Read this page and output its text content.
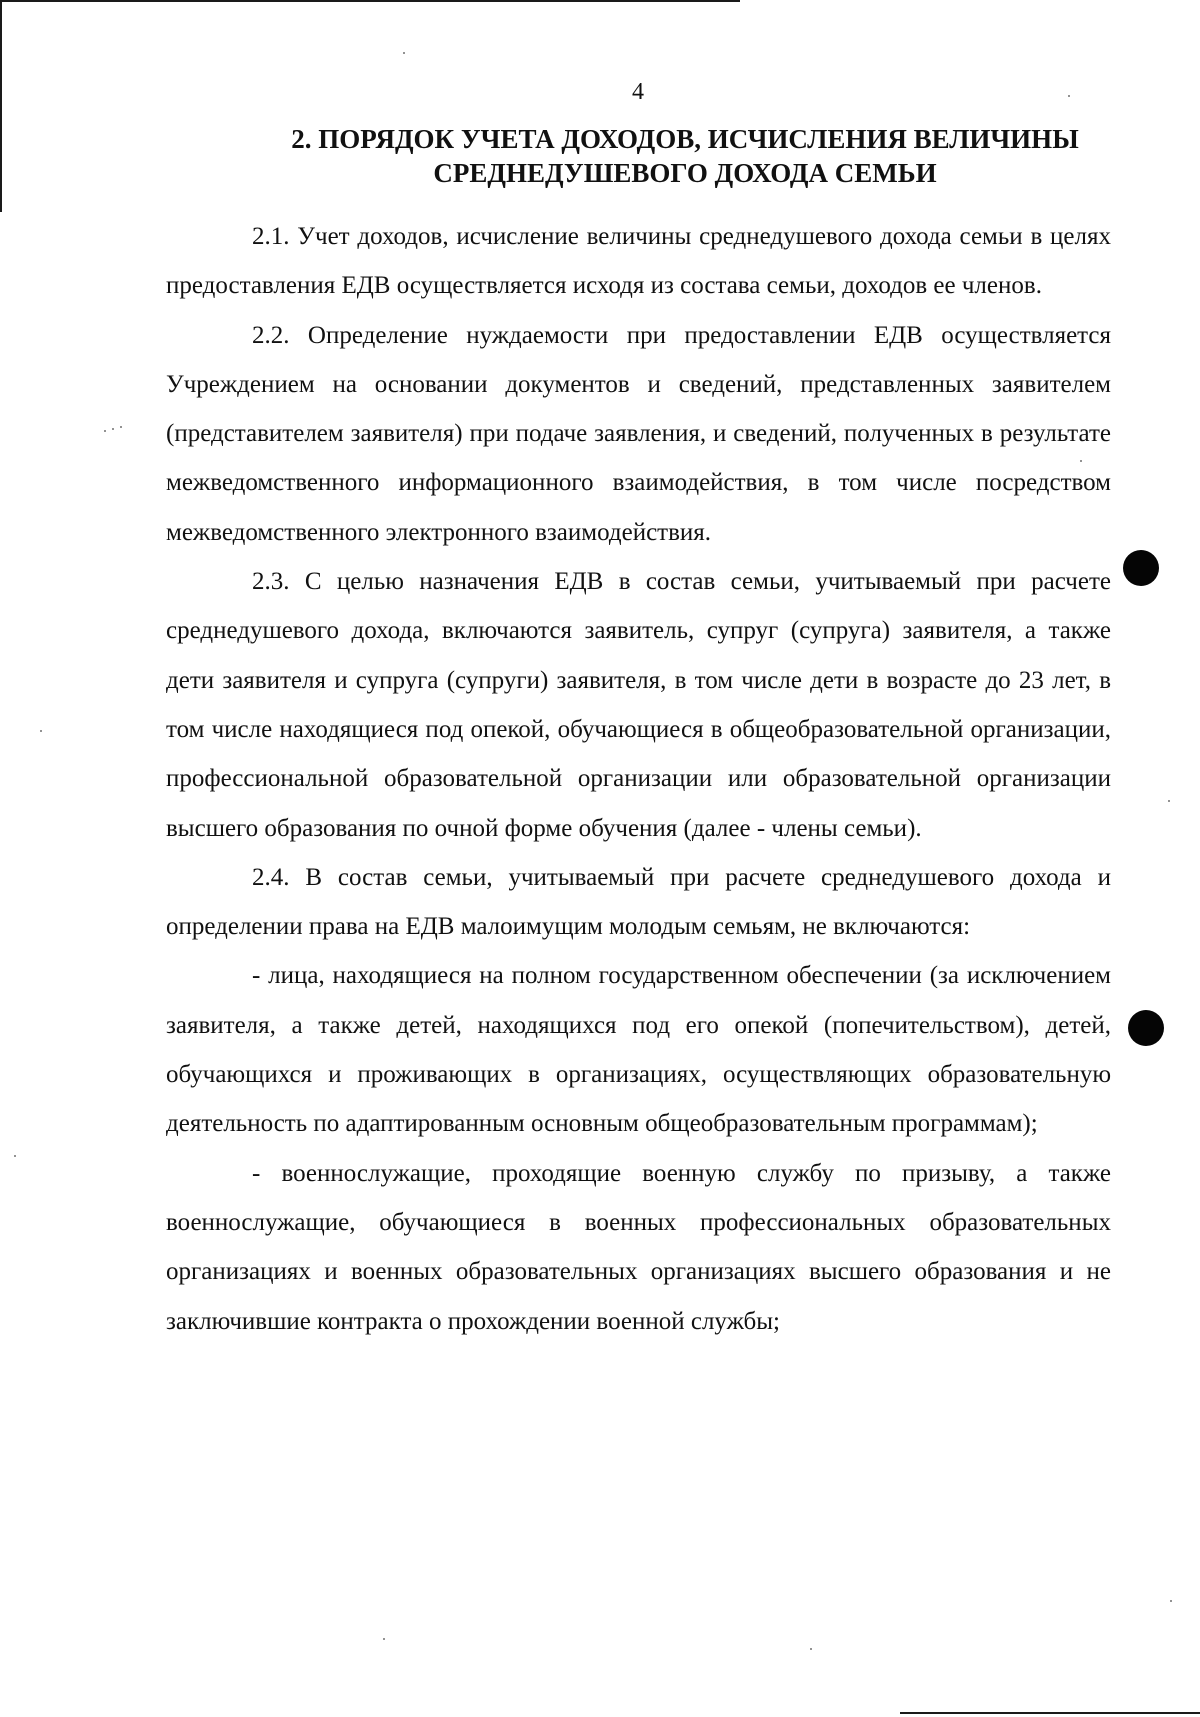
4
2. ПОРЯДОК УЧЕТА ДОХОДОВ, ИСЧИСЛЕНИЯ ВЕЛИЧИНЫ
СРЕДНЕДУШЕВОГО ДОХОДА СЕМЬИ

2.1. Учет доходов, исчисление величины среднедушевого дохода семьи в целях предоставления ЕДВ осуществляется исходя из состава семьи, доходов ее членов.

2.2. Определение нуждаемости при предоставлении ЕДВ осуществляется Учреждением на основании документов и сведений, представленных заявителем (представителем заявителя) при подаче заявления, и сведений, полученных в результате межведомственного информационного взаимодействия, в том числе посредством межведомственного электронного взаимодействия.

2.3. С целью назначения ЕДВ в состав семьи, учитываемый при расчете среднедушевого дохода, включаются заявитель, супруг (супруга) заявителя, а также дети заявителя и супруга (супруги) заявителя, в том числе дети в возрасте до 23 лет, в том числе находящиеся под опекой, обучающиеся в общеобразовательной организации, профессиональной образовательной организации или образовательной организации высшего образования по очной форме обучения (далее - члены семьи).

2.4. В состав семьи, учитываемый при расчете среднедушевого дохода и определении права на ЕДВ малоимущим молодым семьям, не включаются:

- лица, находящиеся на полном государственном обеспечении (за исключением заявителя, а также детей, находящихся под его опекой (попечительством), детей, обучающихся и проживающих в организациях, осуществляющих образовательную деятельность по адаптированным основным общеобразовательным программам);

- военнослужащие, проходящие военную службу по призыву, а также военнослужащие, обучающиеся в военных профессиональных образовательных организациях и военных образовательных организациях высшего образования и не заключившие контракта о прохождении военной службы;
